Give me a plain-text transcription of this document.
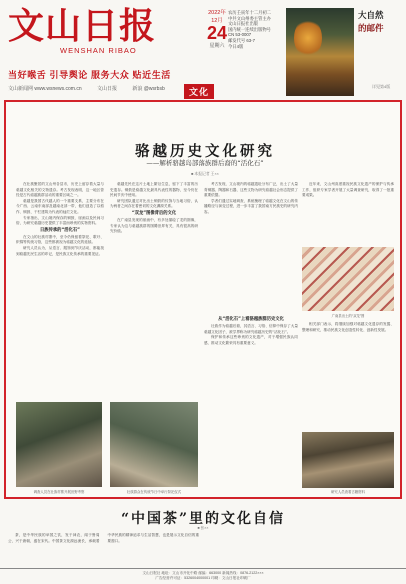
文山日报
WENSHAN RIBAO
2022年12月
24
星期六
农历壬寅年十二月初二
中共文山州委主管主办
文山日报社出版
国内统一连续出版物号
CN 53-0007
邮发代号 63-7
今日4版
当好喉舌 引导舆论 服务大众 贴近生活
文山新闻网 www.wsnews.com.cn	文山日报	新浪 @wsrbsb	文化
大自然
的邮件
详见第4版
骆越历史文化研究
——解析骆越岛部落族群后裔的“活化石”
■ 本报记者 王××

在壮族聚居的文山州各县市，历史上留存着大量与骆越文化相关的文物遗存。考古发现表明，这一地区曾经是古代骆越族群活动的重要区域之一。

骆越是我国古代越人的一个重要支系，主要分布在今广西、云南东南部及越南北部一带，他们创造了以稻作、铜鼓、干栏建筑为代表的灿烂文化。

专家指出，文山境内保存的铜鼓、崖画以及民间习俗，为研究骆越历史提供了丰富而珍贵的实物资料。

日族传承的“活化石”

在文山的壮族村寨中，至今仍保留着祭祀、歌圩、织锦等传统习俗，这些都被视为骆越文化的延续。

研究人员认为，从语言、服饰到节庆活动，都能找到骆越先民生活的印记，是民族文化传承的重要见证。

调查人员在壮族村寨开展田野考察

骆越先民在这片土地上繁衍生息，留下了丰富的历史遗存。铜鼓是骆越文化最具代表性的器物，至今仍在民间节庆中使用。

研究团队通过对比出土铜鼓的纹饰与当地习俗，认为两者之间存在着密切的文化渊源关系。

“双龙”图像背后的文化

在广南县发现的崖画中，有多处描绘了龙的图像，专家认为这与骆越族群的图腾崇拜有关，具有很高的研究价值。

壮族群众在传统节日中举行祭祀仪式

考古发现，文山境内的骆越遗址分布广泛，出土了大量青铜器、陶器和石器，这些文物为研究骆越社会形态提供了重要依据。

学者们通过实地调查，系统梳理了骆越文化在文山的传播路径与演变过程，进一步丰富了我国南方民族史的研究内容。

广南县出土的“双龙”图

从“活化石”上看骆越族群历史文化

壮族作为骆越后裔，其语言、习俗、信仰中保存了大量骆越文化因子，被学界称为研究骆越历史的“活化石”。

保护和传承这些珍贵的文化遗产，对于增强民族认同感、推动文化繁荣具有重要意义。

近年来，文山州高度重视民族文化遗产的保护与传承工作，组织专家学者开展了大量调查研究，取得了一批重要成果。

相关部门表示，将继续加强对骆越文化遗存的发掘、整理和研究，推动民族文化创造性转化、创新性发展。

研究人员查看古籍资料
“中国茶”里的文化自信
■ 张××

茶，是中华民族的举国之饮，发于神农，闻于鲁周公，兴于唐朝，盛在宋代。中国茶文化源远流长，承载着中华民族的精神追求与生活智慧，也是展示文化自信的重要窗口。

文山日报社 地址：文山市开化中路 邮编：663000 新闻热线：0876-2122×××
广告经营许可证：5326004000001 印刷：文山日报社印刷厂
